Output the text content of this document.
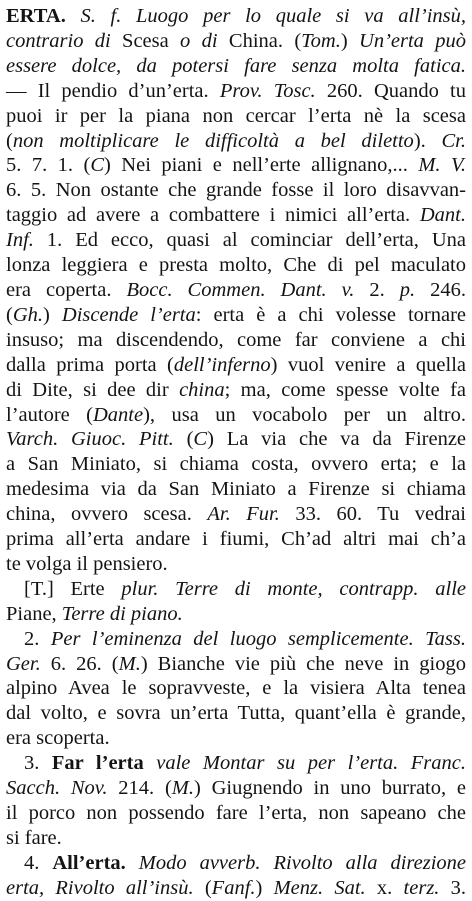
ERTA. S. f. Luogo per lo quale si va all’insù,
contrario di Scesa o di China. (Tom.) Un’erta può
essere dolce, da potersi fare senza molta fatica.
— Il pendio d’un’erta. Prov. Tosc. 260. Quando tu
puoi ir per la piana non cercar l’erta nè la scesa
(non moltiplicare le difficoltà a bel diletto). Cr.
5. 7. 1. (C) Nei piani e nell’erte allignano,... M. V.
6. 5. Non ostante che grande fosse il loro disavvan-
taggio ad avere a combattere i nimici all’erta. Dant.
Inf. 1. Ed ecco, quasi al cominciar dell’erta, Una
lonza leggiera e presta molto, Che di pel maculato
era coperta. Bocc. Commen. Dant. v. 2. p. 246.
(Gh.) Discende l’erta: erta è a chi volesse tornare
insuso; ma discendendo, come far conviene a chi
dalla prima porta (dell’inferno) vuol venire a quella
di Dite, si dee dir china; ma, come spesse volte fa
l’autore (Dante), usa un vocabolo per un altro.
Varch. Giuoc. Pitt. (C) La via che va da Firenze
a San Miniato, si chiama costa, ovvero erta; e la
medesima via da San Miniato a Firenze si chiama
china, ovvero scesa. Ar. Fur. 33. 60. Tu vedrai
prima all’erta andare i fiumi, Ch’ad altri mai ch’a
te volga il pensiero.
[T.] Erte plur. Terre di monte, contrapp. alle
Piane, Terre di piano.
2. Per l’eminenza del luogo semplicemente. Tass.
Ger. 6. 26. (M.) Bianche vie più che neve in giogo
alpino Avea le sopravveste, e la visiera Alta tenea
dal volto, e sovra un’erta Tutta, quant’ella è grande,
era scoperta.
3. Far l’erta vale Montar su per l’erta. Franc.
Sacch. Nov. 214. (M.) Giugnendo in uno burrato, e
il porco non possendo fare l’erta, non sapeano che
si fare.
4. All’erta. Modo avverb. Rivolto alla direzione
erta, Rivolto all’insù. (Fanf.) Menz. Sat. x. terz. 3.
